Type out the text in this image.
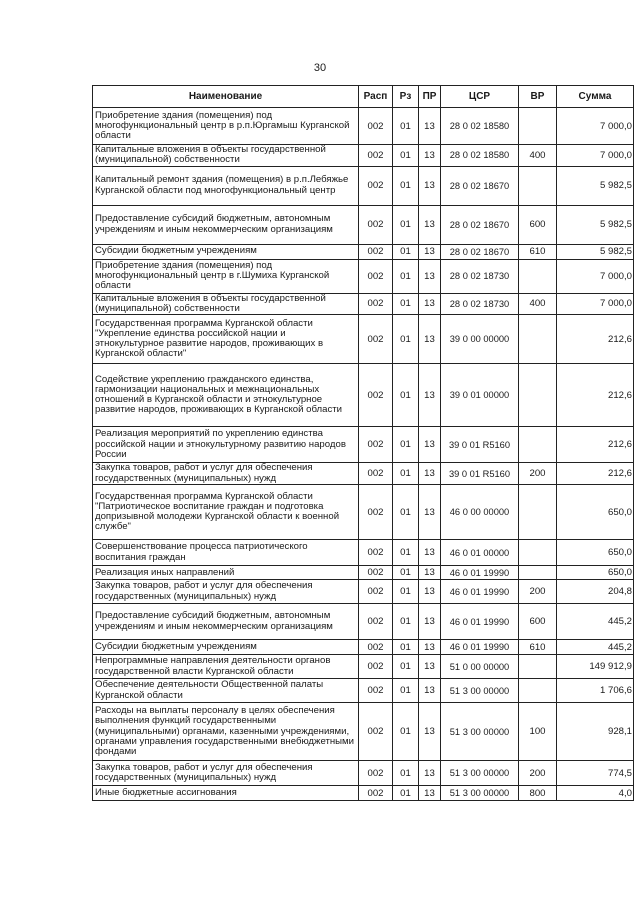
30
Наименование	Расп	Рз	ПР	ЦСР	ВР	Сумма
Приобретение здания (помещения) под многофункциональный центр в р.п.Юргамыш Курганской области	002	01	13	28 0 02 18580		7 000,0
Капитальные вложения в объекты государственной (муниципальной) собственности	002	01	13	28 0 02 18580	400	7 000,0
Капитальный ремонт здания (помещения) в р.п.Лебяжье Курганской области под многофункциональный центр	002	01	13	28 0 02 18670		5 982,5
Предоставление субсидий бюджетным, автономным учреждениям и иным некоммерческим организациям	002	01	13	28 0 02 18670	600	5 982,5
Субсидии бюджетным учреждениям	002	01	13	28 0 02 18670	610	5 982,5
Приобретение здания (помещения) под многофункциональный центр в г.Шумиха Курганской области	002	01	13	28 0 02 18730		7 000,0
Капитальные вложения в объекты государственной (муниципальной) собственности	002	01	13	28 0 02 18730	400	7 000,0
Государственная программа Курганской области "Укрепление единства российской нации и этнокультурное развитие народов, проживающих в Курганской области"	002	01	13	39 0 00 00000		212,6
Содействие укреплению гражданского единства, гармонизации национальных и межнациональных отношений в Курганской области и этнокультурное развитие народов, проживающих в Курганской области	002	01	13	39 0 01 00000		212,6
Реализация мероприятий по укреплению единства российской нации и этнокультурному развитию народов России	002	01	13	39 0 01 R5160		212,6
Закупка товаров, работ и услуг для обеспечения государственных (муниципальных) нужд	002	01	13	39 0 01 R5160	200	212,6
Государственная программа Курганской области "Патриотическое воспитание граждан и подготовка допризывной молодежи Курганской области к военной службе"	002	01	13	46 0 00 00000		650,0
Совершенствование процесса патриотического воспитания граждан	002	01	13	46 0 01 00000		650,0
Реализация иных направлений	002	01	13	46 0 01 19990		650,0
Закупка товаров, работ и услуг для обеспечения государственных (муниципальных) нужд	002	01	13	46 0 01 19990	200	204,8
Предоставление субсидий бюджетным, автономным учреждениям и иным некоммерческим организациям	002	01	13	46 0 01 19990	600	445,2
Субсидии бюджетным учреждениям	002	01	13	46 0 01 19990	610	445,2
Непрограммные направления деятельности органов государственной власти Курганской области	002	01	13	51 0 00 00000		149 912,9
Обеспечение деятельности Общественной палаты Курганской области	002	01	13	51 3 00 00000		1 706,6
Расходы на выплаты персоналу в целях обеспечения выполнения функций государственными (муниципальными) органами, казенными учреждениями, органами управления государственными внебюджетными фондами	002	01	13	51 3 00 00000	100	928,1
Закупка товаров, работ и услуг для обеспечения государственных (муниципальных) нужд	002	01	13	51 3 00 00000	200	774,5
Иные бюджетные ассигнования	002	01	13	51 3 00 00000	800	4,0
